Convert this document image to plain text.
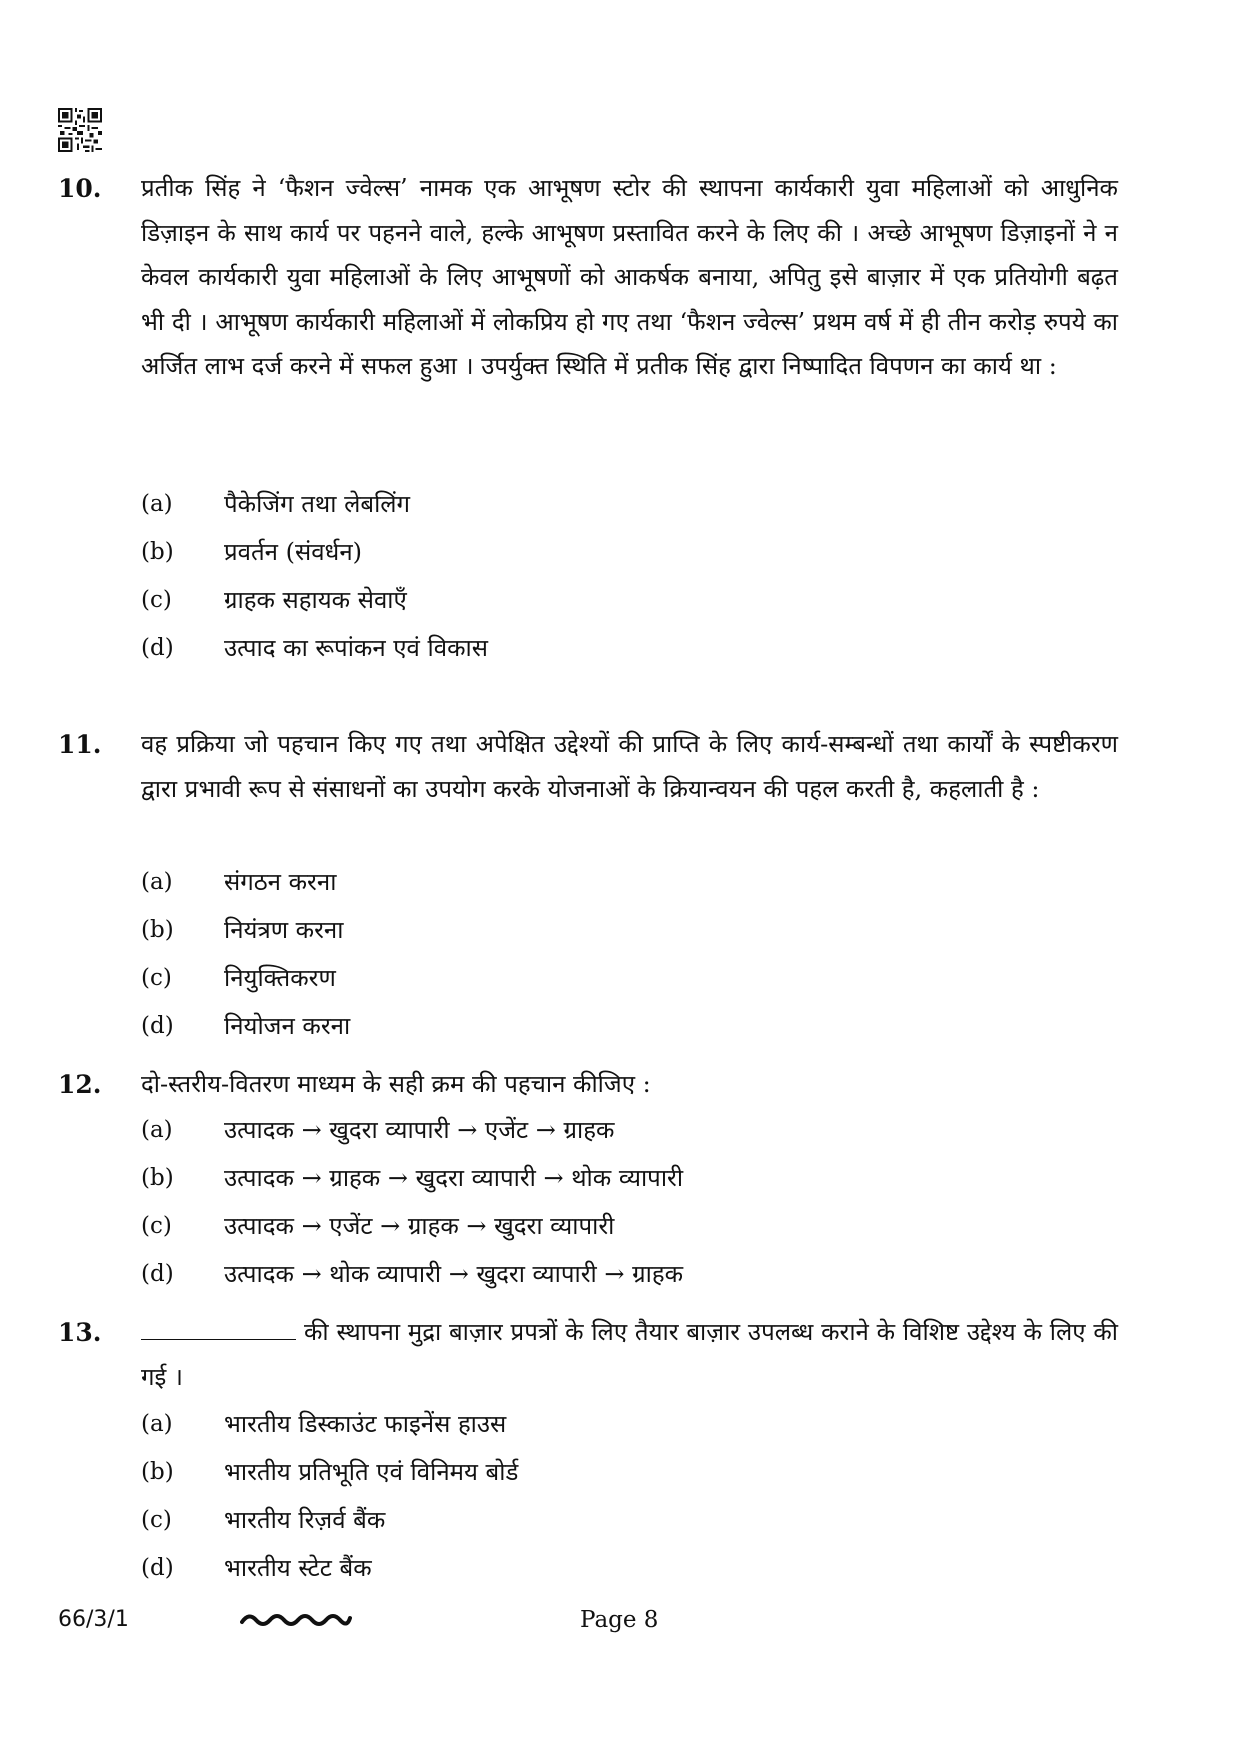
10. प्रतीक सिंह ने ‘फैशन ज्वेल्स’ नामक एक आभूषण स्टोर की स्थापना कार्यकारी युवा महिलाओं को आधुनिक डिज़ाइन के साथ कार्य पर पहनने वाले, हल्के आभूषण प्रस्तावित करने के लिए की । अच्छे आभूषण डिज़ाइनों ने न केवल कार्यकारी युवा महिलाओं के लिए आभूषणों को आकर्षक बनाया, अपितु इसे बाज़ार में एक प्रतियोगी बढ़त भी दी । आभूषण कार्यकारी महिलाओं में लोकप्रिय हो गए तथा ‘फैशन ज्वेल्स’ प्रथम वर्ष में ही तीन करोड़ रुपये का अर्जित लाभ दर्ज करने में सफल हुआ । उपर्युक्त स्थिति में प्रतीक सिंह द्वारा निष्पादित विपणन का कार्य था :
(a) पैकेजिंग तथा लेबलिंग
(b) प्रवर्तन (संवर्धन)
(c) ग्राहक सहायक सेवाएँ
(d) उत्पाद का रूपांकन एवं विकास
11. वह प्रक्रिया जो पहचान किए गए तथा अपेक्षित उद्देश्यों की प्राप्ति के लिए कार्य-सम्बन्धों तथा कार्यों के स्पष्टीकरण द्वारा प्रभावी रूप से संसाधनों का उपयोग करके योजनाओं के क्रियान्वयन की पहल करती है, कहलाती है :
(a) संगठन करना
(b) नियंत्रण करना
(c) नियुक्तिकरण
(d) नियोजन करना
12. दो-स्तरीय-वितरण माध्यम के सही क्रम की पहचान कीजिए :
(a) उत्पादक → खुदरा व्यापारी → एजेंट → ग्राहक
(b) उत्पादक → ग्राहक → खुदरा व्यापारी → थोक व्यापारी
(c) उत्पादक → एजेंट → ग्राहक → खुदरा व्यापारी
(d) उत्पादक → थोक व्यापारी → खुदरा व्यापारी → ग्राहक
13.	की स्थापना मुद्रा बाज़ार प्रपत्रों के लिए तैयार बाज़ार उपलब्ध कराने के विशिष्ट उद्देश्य के लिए की गई ।
(a) भारतीय डिस्काउंट फाइनेंस हाउस
(b) भारतीय प्रतिभूति एवं विनिमय बोर्ड
(c) भारतीय रिज़र्व बैंक
(d) भारतीय स्टेट बैंक
66/3/1	Page 8
